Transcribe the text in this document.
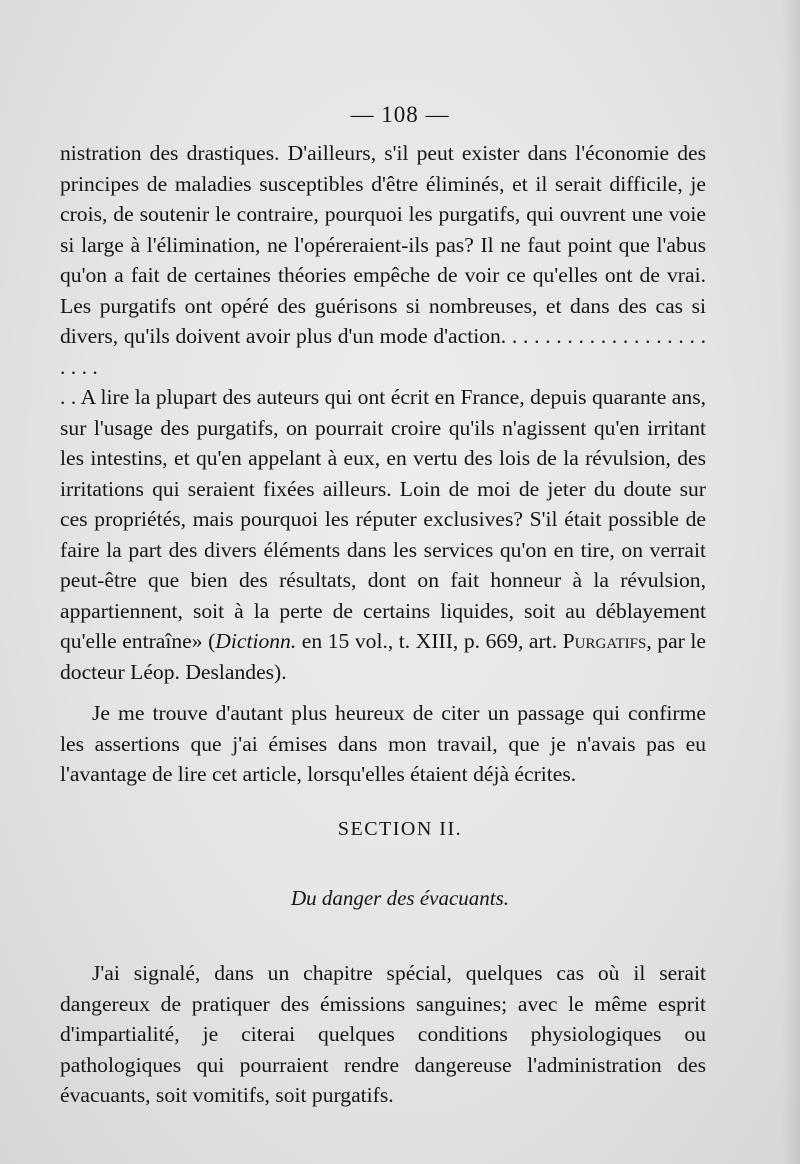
— 108 —

nistration des drastiques. D'ailleurs, s'il peut exister dans l'économie des principes de maladies susceptibles d'être éliminés, et il serait difficile, je crois, de soutenir le contraire, pourquoi les purgatifs, qui ouvrent une voie si large à l'élimination, ne l'opéreraient-ils pas? Il ne faut point que l'abus qu'on a fait de certaines théories empêche de voir ce qu'elles ont de vrai. Les purgatifs ont opéré des guérisons si nombreuses, et dans des cas si divers, qu'ils doivent avoir plus d'un mode d'action. . . . . . . . . . . . . . . . . . . . . . .

. . A lire la plupart des auteurs qui ont écrit en France, depuis quarante ans, sur l'usage des purgatifs, on pourrait croire qu'ils n'agissent qu'en irritant les intestins, et qu'en appelant à eux, en vertu des lois de la révulsion, des irritations qui seraient fixées ailleurs. Loin de moi de jeter du doute sur ces propriétés, mais pourquoi les réputer exclusives? S'il était possible de faire la part des divers éléments dans les services qu'on en tire, on verrait peut-être que bien des résultats, dont on fait honneur à la révulsion, appartiennent, soit à la perte de certains liquides, soit au déblayement qu'elle entraîne» (Dictionn. en 15 vol., t. XIII, p. 669, art. Purgatifs, par le docteur Léop. Deslandes).

Je me trouve d'autant plus heureux de citer un passage qui confirme les assertions que j'ai émises dans mon travail, que je n'avais pas eu l'avantage de lire cet article, lorsqu'elles étaient déjà écrites.

SECTION II.
Du danger des évacuants.

J'ai signalé, dans un chapitre spécial, quelques cas où il serait dangereux de pratiquer des émissions sanguines; avec le même esprit d'impartialité, je citerai quelques conditions physiologiques ou pathologiques qui pourraient rendre dangereuse l'administration des évacuants, soit vomitifs, soit purgatifs.
